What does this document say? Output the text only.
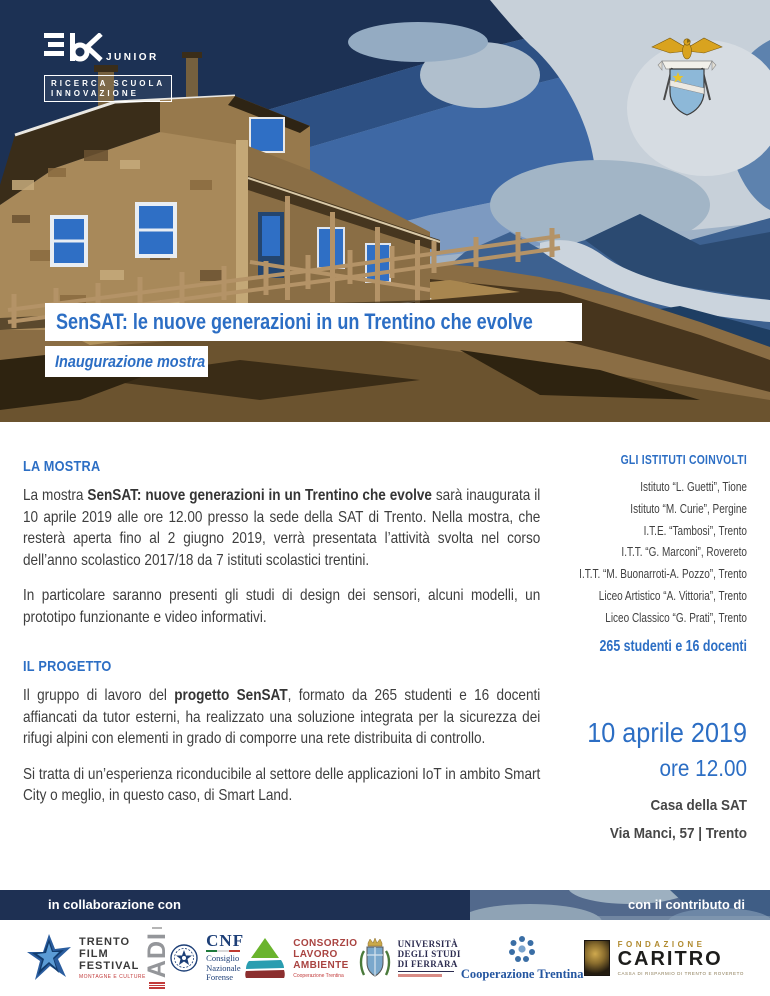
JUNIOR
RICERCA SCUOLA
INNOVAZIONE
SenSAT: le nuove generazioni in un Trentino che evolve
Inaugurazione mostra
LA MOSTRA

La mostra SenSAT: nuove generazioni in un Trentino che evolve sarà inaugurata il 10 aprile 2019 alle ore 12.00 presso la sede della SAT di Trento. Nella mostra, che resterà aperta fino al 2 giugno 2019, verrà presentata l’attività svolta nel corso dell’anno scolastico 2017/18 da 7 istituti scolastici trentini.

In particolare saranno presenti gli studi di design dei sensori, alcuni modelli, un prototipo funzionante e video informativi.

IL PROGETTO

Il gruppo di lavoro del progetto SenSAT, formato da 265 studenti e 16 docenti affiancati da tutor esterni, ha realizzato una soluzione integrata per la sicurezza dei rifugi alpini con elementi in grado di comporre una rete distribuita di controllo.

Si tratta di un’esperienza riconducibile al settore delle applicazioni IoT in ambito Smart City o meglio, in questo caso, di Smart Land.

GLI ISTITUTI COINVOLTI
Istituto “L. Guetti”, Tione
Istituto “M. Curie”, Pergine
I.T.E. “Tambosi”, Trento
I.T.T. “G. Marconi”, Rovereto
I.T.T. “M. Buonarroti-A. Pozzo”, Trento
Liceo Artistico “A. Vittoria”, Trento
Liceo Classico “G. Prati”, Trento
265 studenti e 16 docenti
10 aprile 2019
ore 12.00
Casa della SAT
Via Manci, 57 | Trento
in collaborazione con	con il contributo di
TRENTO
FILM
FESTIVAL
MONTAGNE E CULTURE
ADI CNF
Consiglio
Nazionale
Forense
CONSORZIO
LAVORO
AMBIENTE
Cooperazione Trentina
UNIVERSITÀ
DEGLI STUDI
DI FERRARA
Cooperazione Trentina
FONDAZIONE
CARITRO
CASSA DI RISPARMIO DI TRENTO E ROVERETO
